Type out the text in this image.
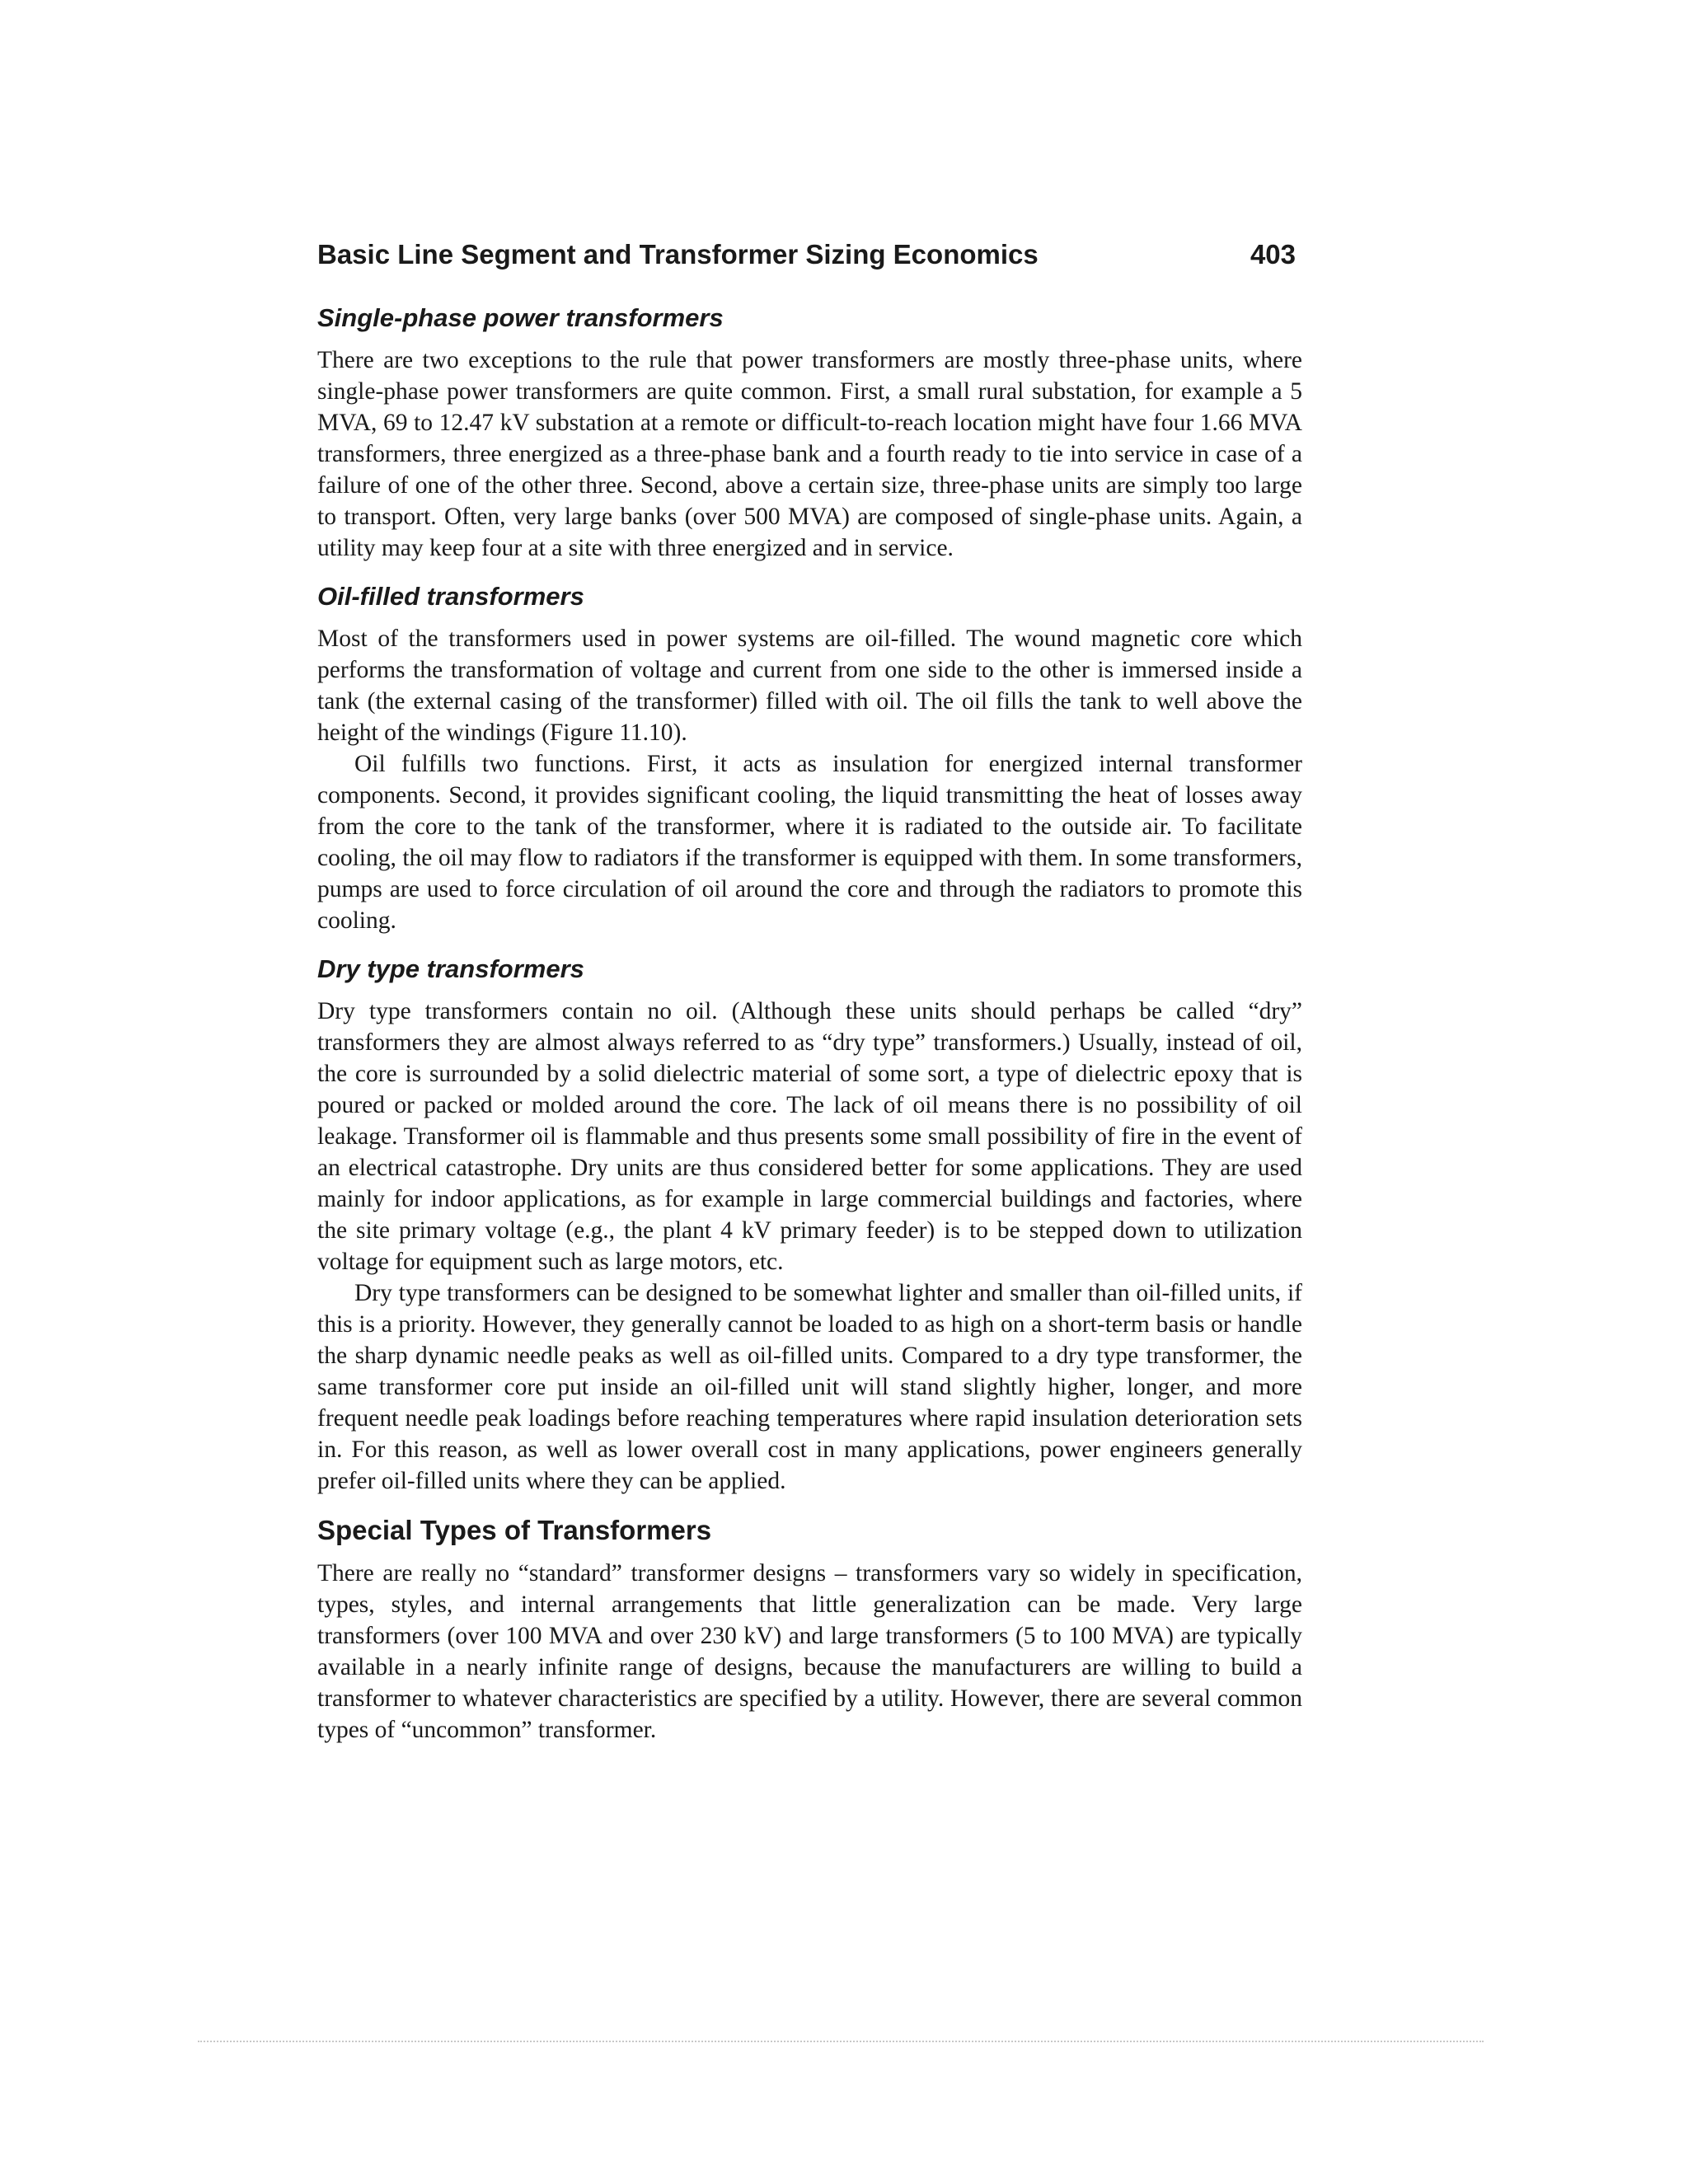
Basic Line Segment and Transformer Sizing Economics	403
Single-phase power transformers

There are two exceptions to the rule that power transformers are mostly three-phase units, where single-phase power transformers are quite common. First, a small rural substation, for example a 5 MVA, 69 to 12.47 kV substation at a remote or difficult-to-reach location might have four 1.66 MVA transformers, three energized as a three-phase bank and a fourth ready to tie into service in case of a failure of one of the other three. Second, above a certain size, three-phase units are simply too large to transport. Often, very large banks (over 500 MVA) are composed of single-phase units. Again, a utility may keep four at a site with three energized and in service.

Oil-filled transformers

Most of the transformers used in power systems are oil-filled. The wound magnetic core which performs the transformation of voltage and current from one side to the other is immersed inside a tank (the external casing of the transformer) filled with oil. The oil fills the tank to well above the height of the windings (Figure 11.10).

Oil fulfills two functions. First, it acts as insulation for energized internal transformer components. Second, it provides significant cooling, the liquid transmitting the heat of losses away from the core to the tank of the transformer, where it is radiated to the outside air. To facilitate cooling, the oil may flow to radiators if the transformer is equipped with them. In some transformers, pumps are used to force circulation of oil around the core and through the radiators to promote this cooling.

Dry type transformers

Dry type transformers contain no oil. (Although these units should perhaps be called “dry” transformers they are almost always referred to as “dry type” transformers.) Usually, instead of oil, the core is surrounded by a solid dielectric material of some sort, a type of dielectric epoxy that is poured or packed or molded around the core. The lack of oil means there is no possibility of oil leakage. Transformer oil is flammable and thus presents some small possibility of fire in the event of an electrical catastrophe. Dry units are thus considered better for some applications. They are used mainly for indoor applications, as for example in large commercial buildings and factories, where the site primary voltage (e.g., the plant 4 kV primary feeder) is to be stepped down to utilization voltage for equipment such as large motors, etc.

Dry type transformers can be designed to be somewhat lighter and smaller than oil-filled units, if this is a priority. However, they generally cannot be loaded to as high on a short-term basis or handle the sharp dynamic needle peaks as well as oil-filled units. Compared to a dry type transformer, the same transformer core put inside an oil-filled unit will stand slightly higher, longer, and more frequent needle peak loadings before reaching temperatures where rapid insulation deterioration sets in. For this reason, as well as lower overall cost in many applications, power engineers generally prefer oil-filled units where they can be applied.

Special Types of Transformers

There are really no “standard” transformer designs – transformers vary so widely in specification, types, styles, and internal arrangements that little generalization can be made. Very large transformers (over 100 MVA and over 230 kV) and large transformers (5 to 100 MVA) are typically available in a nearly infinite range of designs, because the manufacturers are willing to build a transformer to whatever characteristics are specified by a utility. However, there are several common types of “uncommon” transformer.
